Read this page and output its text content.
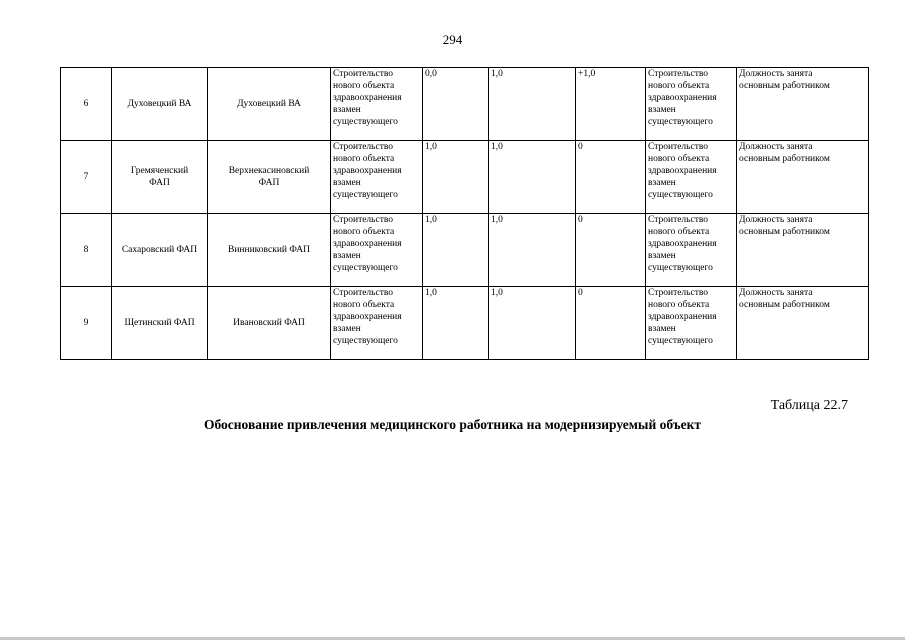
294
6	Духовецкий ВА	Духовецкий ВА	Строительство
нового объекта
здравоохранения
взамен
существующего	0,0	1,0	+1,0	Строительство
нового объекта
здравоохранения
взамен
существующего	Должность занята
основным работником

7	Гремяченский
ФАП	Верхнекасиновский
ФАП	Строительство
нового объекта
здравоохранения
взамен
существующего	1,0	1,0	0	Строительство
нового объекта
здравоохранения
взамен
существующего	Должность занята
основным работником

8	Сахаровский ФАП	Винниковский ФАП	Строительство
нового объекта
здравоохранения
взамен
существующего	1,0	1,0	0	Строительство
нового объекта
здравоохранения
взамен
существующего	Должность занята
основным работником

9	Щетинский ФАП	Ивановский ФАП	Строительство
нового объекта
здравоохранения
взамен
существующего	1,0	1,0	0	Строительство
нового объекта
здравоохранения
взамен
существующего	Должность занята
основным работником
Таблица 22.7
Обоснование привлечения медицинского работника на модернизируемый объект
